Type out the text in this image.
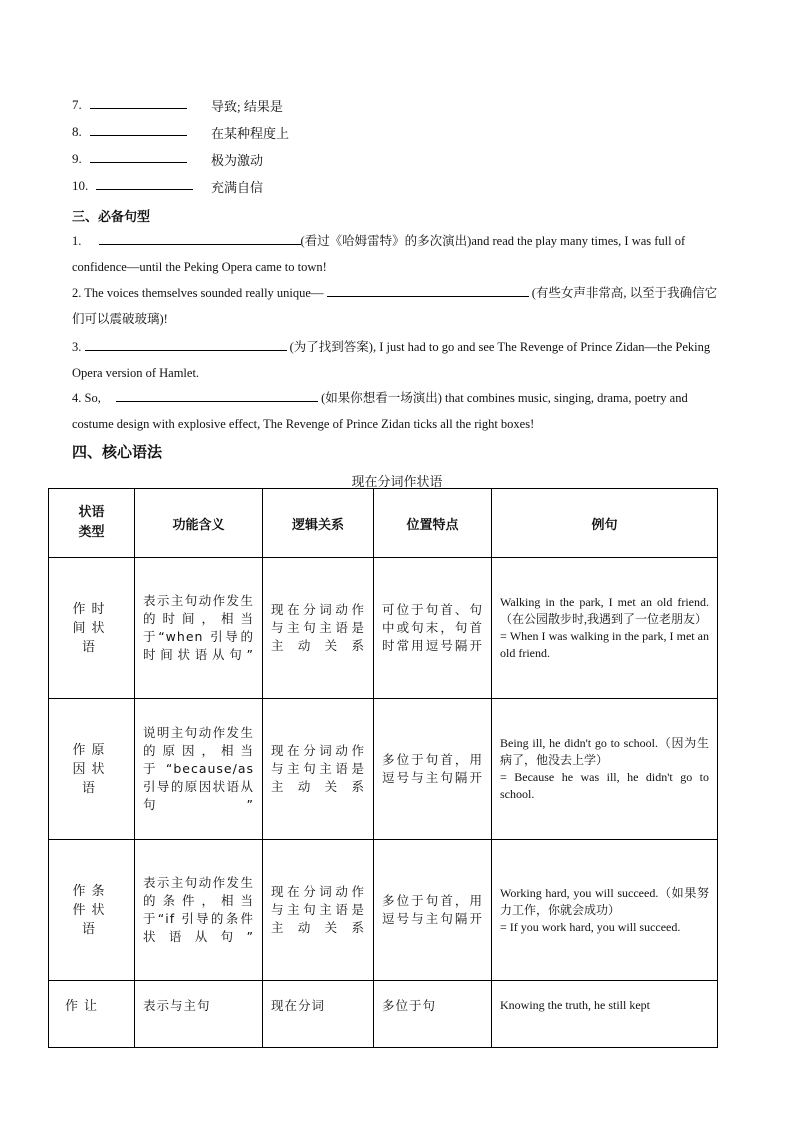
7.	导致; 结果是
8.	在某种程度上
9.	极为激动
10.	充满自信
三、必备句型
1.	(看过《哈姆雷特》的多次演出)and read the play many times, I was full of confidence—until the Peking Opera came to town!
2. The voices themselves sounded really unique—	(有些女声非常高, 以至于我确信它们可以震破玻璃)!
3.	(为了找到答案), I just had to go and see The Revenge of Prince Zidan—the Peking Opera version of Hamlet.
4. So,	(如果你想看一场演出) that combines music, singing, drama, poetry and costume design with explosive effect, The Revenge of Prince Zidan ticks all the right boxes!
四、核心语法
现在分词作状语
状语
类型	功能含义	逻辑关系	位置特点	例句
作时间状语	表示主句动作发生的时间，相当于“when 引导的时间状语从句”	现在分词动作与主句主语是主动关系	可位于句首、句中或句末，句首时常用逗号隔开	Walking in the park, I met an old friend.（在公园散步时,我遇到了一位老朋友）
= When I was walking in the park, I met an old friend.
作原因状语	说明主句动作发生的原因，相当于“because/as 引导的原因状语从句”	现在分词动作与主句主语是主动关系	多位于句首，用逗号与主句隔开	Being ill, he didn't go to school.（因为生病了，他没去上学）
= Because he was ill, he didn't go to school.
作条件状语	表示主句动作发生的条件，相当于“if 引导的条件状语从句”	现在分词动作与主句主语是主动关系	多位于句首，用逗号与主句隔开	Working hard, you will succeed.（如果努力工作，你就会成功）
= If you work hard, you will succeed.
作让	表示与主句	现在分词	多位于句	Knowing the truth, he still kept
